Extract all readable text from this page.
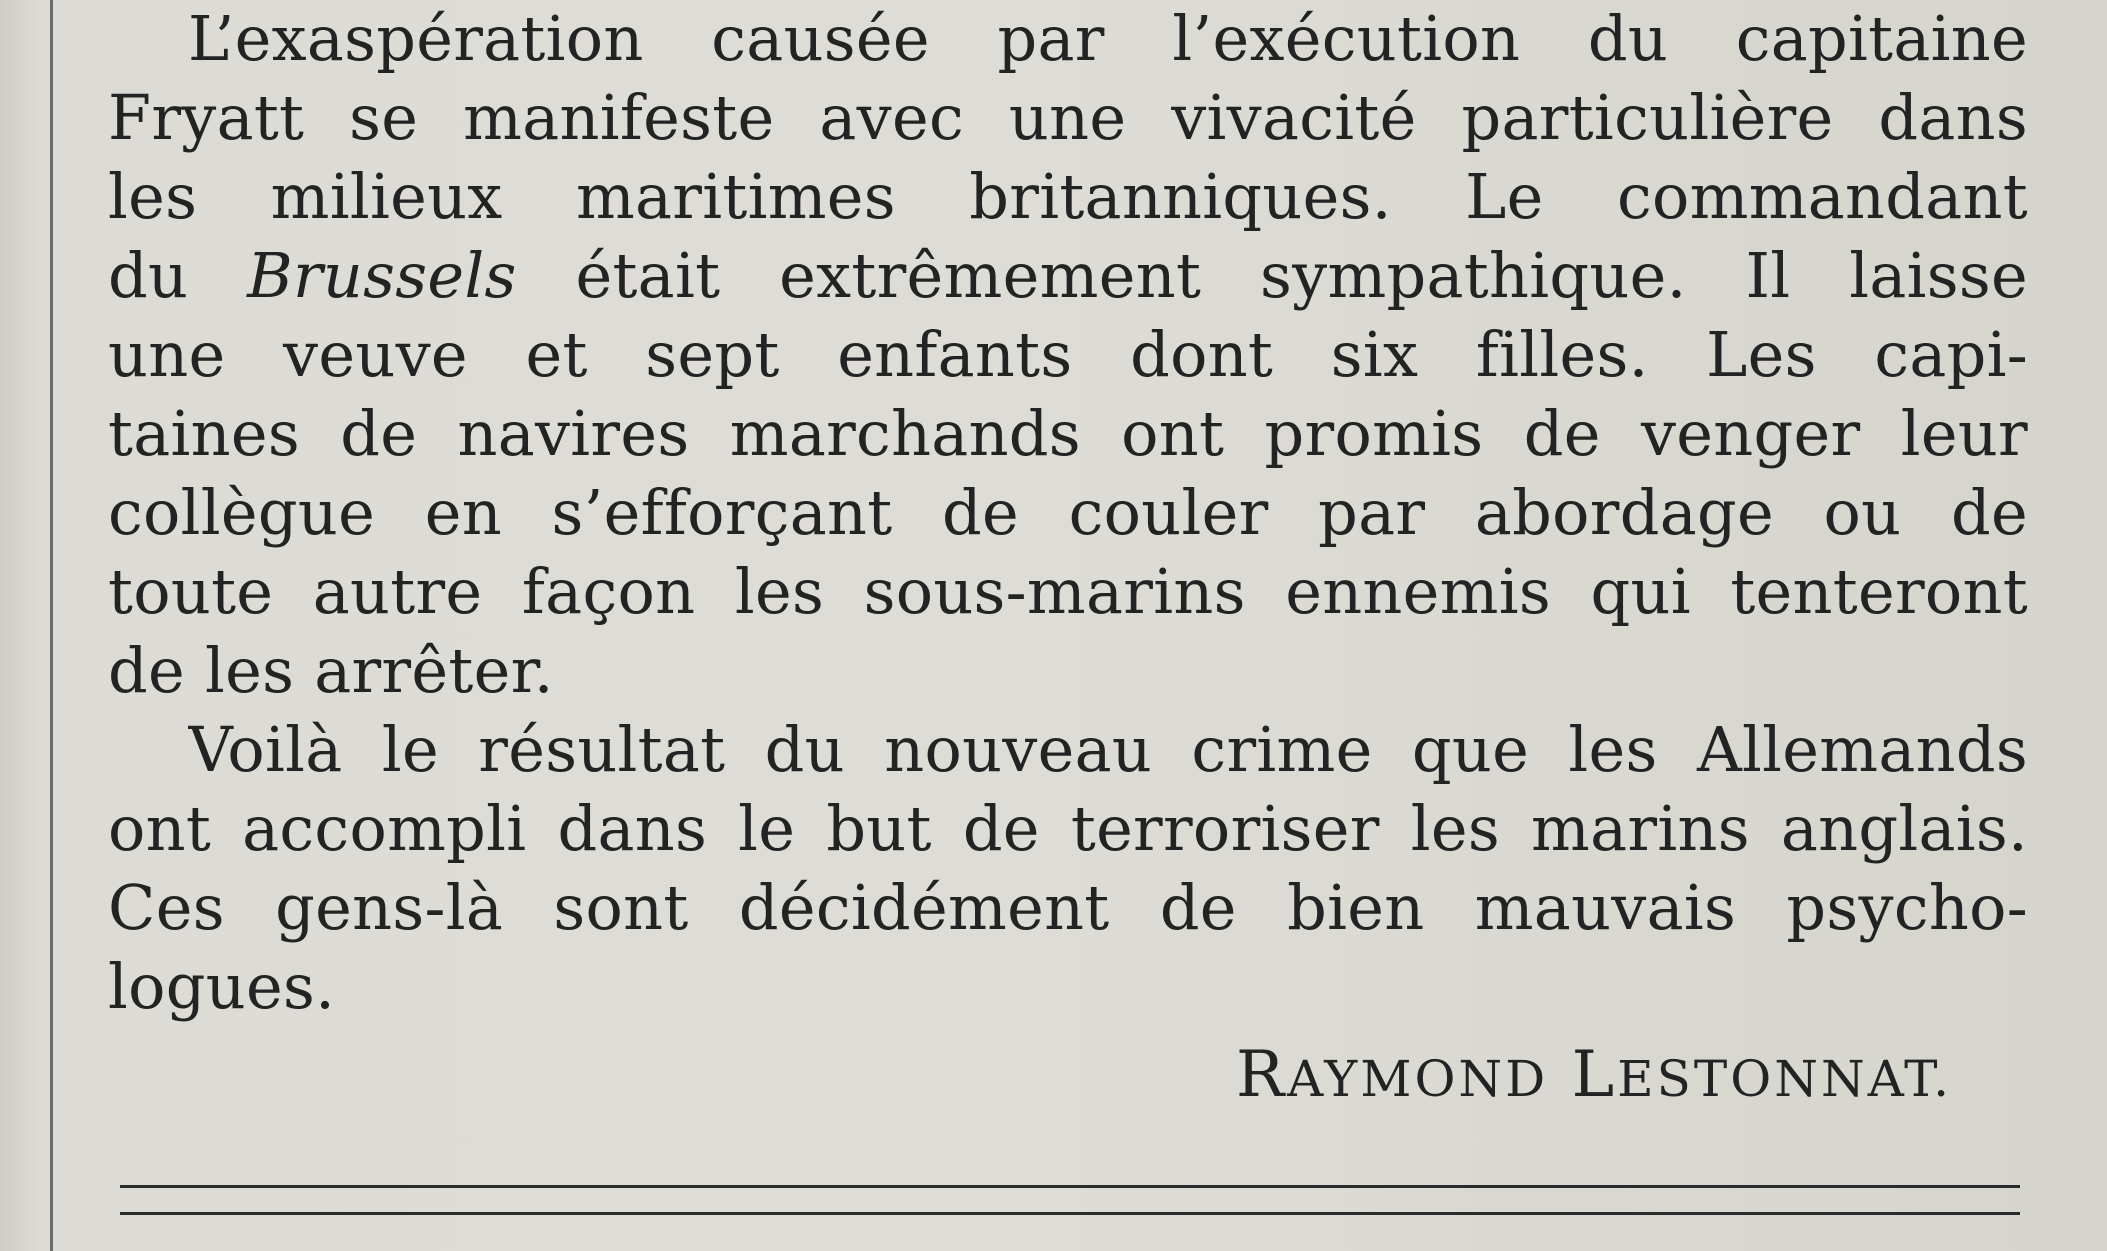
L’exaspération causée par l’exécution du capitaine
Fryatt se manifeste avec une vivacité particulière dans
les milieux maritimes britanniques. Le commandant
du Brussels était extrêmement sympathique. Il laisse
une veuve et sept enfants dont six filles. Les capi-
taines de navires marchands ont promis de venger leur
collègue en s’efforçant de couler par abordage ou de
toute autre façon les sous-marins ennemis qui tenteront
de les arrêter.
Voilà le résultat du nouveau crime que les Allemands
ont accompli dans le but de terroriser les marins anglais.
Ces gens-là sont décidément de bien mauvais psycho-
logues.
RAYMOND LESTONNAT.
